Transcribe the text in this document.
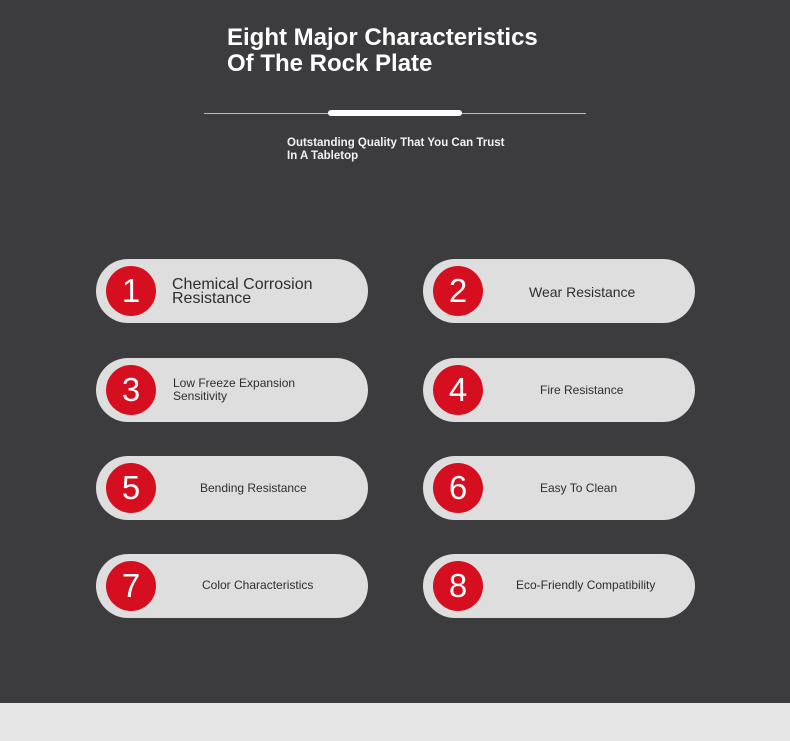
Eight Major Characteristics
Of The Rock Plate
Outstanding Quality That You Can Trust
In A Tabletop
1	Chemical Corrosion
Resistance	2	Wear Resistance
3	Low Freeze Expansion
Sensitivity	4	Fire Resistance
5	Bending Resistance	6	Easy To Clean
7	Color Characteristics	8	Eco-Friendly Compatibility
